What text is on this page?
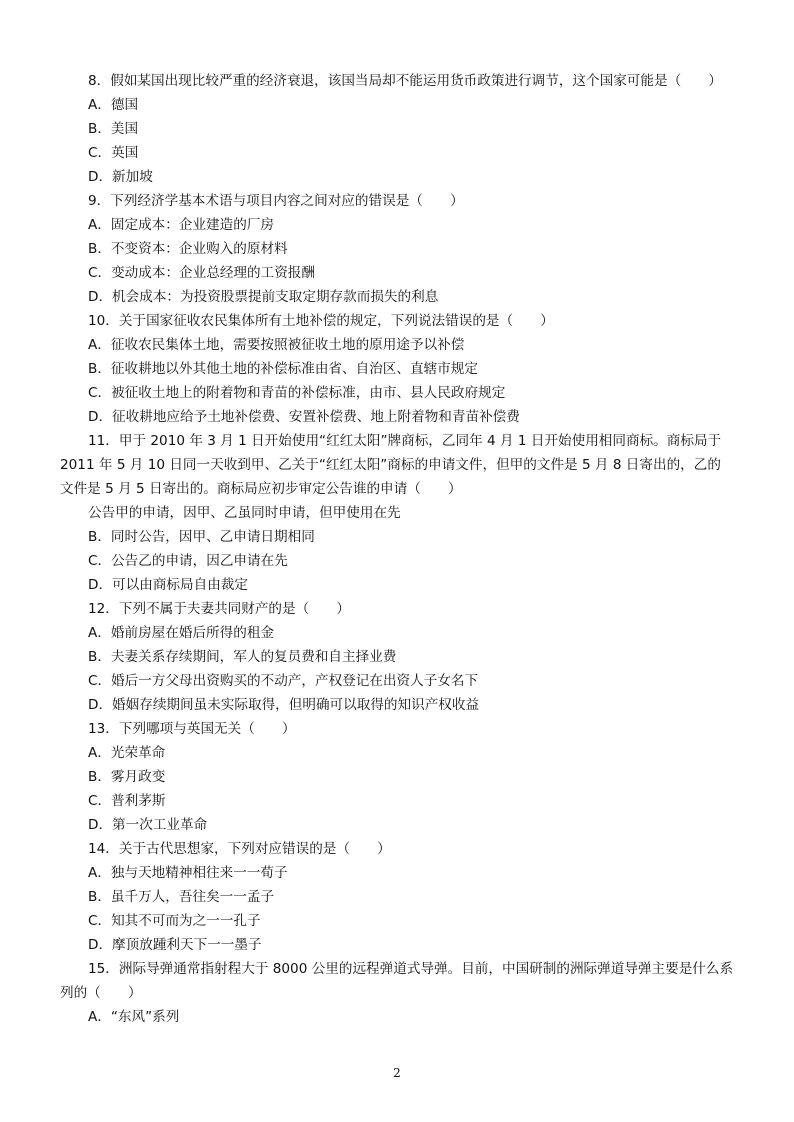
8．假如某国出现比较严重的经济衰退，该国当局却不能运用货币政策进行调节，这个国家可能是（　　）
A．德国
B．美国
C．英国
D．新加坡
9．下列经济学基本术语与项目内容之间对应的错误是（　　）
A．固定成本：企业建造的厂房
B．不变资本：企业购入的原材料
C．变动成本：企业总经理的工资报酬
D．机会成本：为投资股票提前支取定期存款而损失的利息
10．关于国家征收农民集体所有土地补偿的规定，下列说法错误的是（　　）
A．征收农民集体土地，需要按照被征收土地的原用途予以补偿
B．征收耕地以外其他土地的补偿标准由省、自治区、直辖市规定
C．被征收土地上的附着物和青苗的补偿标准，由市、县人民政府规定
D．征收耕地应给予土地补偿费、安置补偿费、地上附着物和青苗补偿费
11．甲于 2010 年 3 月 1 日开始使用“红红太阳”牌商标，乙同年 4 月 1 日开始使用相同商标。商标局于
2011 年 5 月 10 日同一天收到甲、乙关于“红红太阳”商标的申请文件，但甲的文件是 5 月 8 日寄出的，乙的
文件是 5 月 5 日寄出的。商标局应初步审定公告谁的申请（　　）
公告甲的申请，因甲、乙虽同时申请，但甲使用在先
B．同时公告，因甲、乙申请日期相同
C．公告乙的申请，因乙申请在先
D．可以由商标局自由裁定
12．下列不属于夫妻共同财产的是（　　）
A．婚前房屋在婚后所得的租金
B．夫妻关系存续期间，军人的复员费和自主择业费
C．婚后一方父母出资购买的不动产，产权登记在出资人子女名下
D．婚姻存续期间虽未实际取得，但明确可以取得的知识产权收益
13．下列哪项与英国无关（　　）
A．光荣革命
B．雾月政变
C．普利茅斯
D．第一次工业革命
14．关于古代思想家，下列对应错误的是（　　）
A．独与天地精神相往来一一荀子
B．虽千万人，吾往矣一一孟子
C．知其不可而为之一一孔子
D．摩顶放踵利天下一一墨子
15．洲际导弹通常指射程大于 8000 公里的远程弹道式导弹。目前，中国研制的洲际弹道导弹主要是什么系
列的（　　）
A．“东风”系列
2
